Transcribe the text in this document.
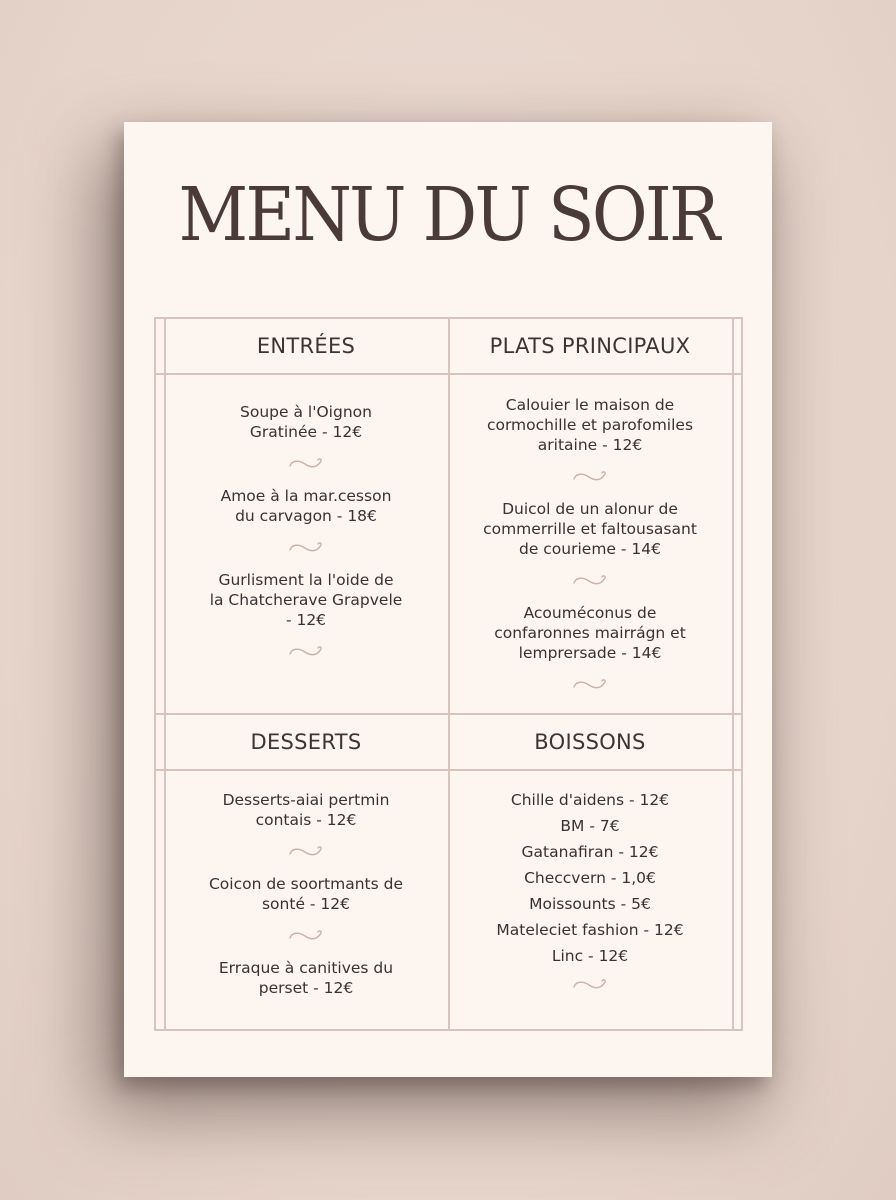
MENU DU SOIR
ENTRÉES	PLATS PRINCIPAUX
DESSERTS	BOISSONS
Soupe à l'Oignon
Gratinée - 12€
Amoe à la mar.cesson
du carvagon - 18€
Gurlisment la l'oide de
la Chatcherave Grapvele
- 12€
Calouier le maison de
cormochille et parofomiles
aritaine - 12€
Duicol de un alonur de
commerrille et faltousasant
de courieme - 14€
Acouméconus de
confaronnes mairrágn et
lemprersade - 14€
Desserts-aiai pertmin
contais - 12€
Coicon de soortmants de
sonté - 12€
Erraque à canitives du
perset - 12€
Chille d'aidens - 12€
BM - 7€
Gatanafiran - 12€
Checcvern - 1,0€
Moissounts - 5€
Mateleciet fashion - 12€
Linc - 12€
